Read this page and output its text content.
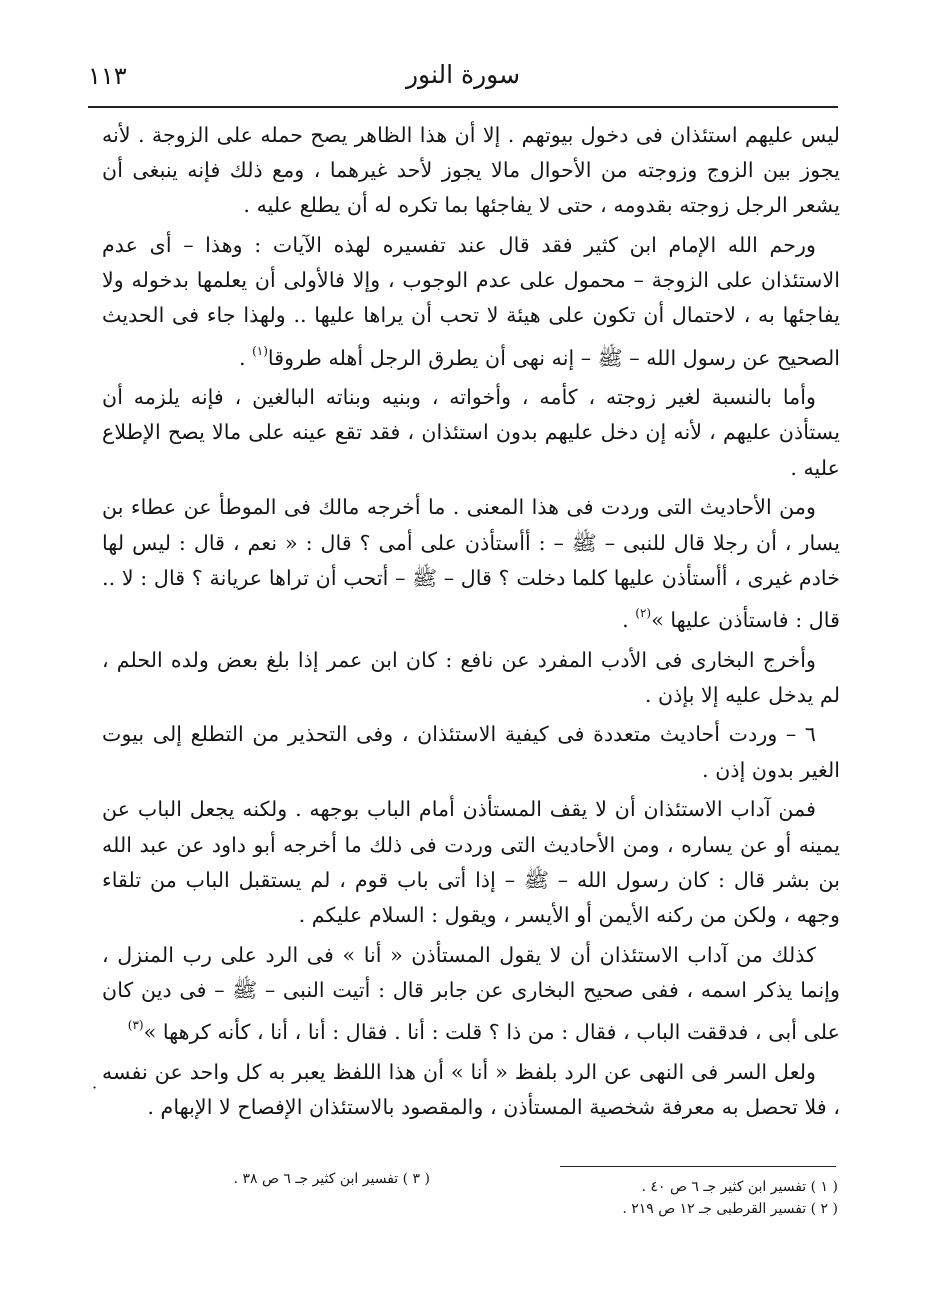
١١٣	سورة النور

ليس عليهم استئذان فى دخول بيوتهم . إلا أن هذا الظاهر يصح حمله على الزوجة . لأنه يجوز بين الزوج وزوجته من الأحوال مالا يجوز لأحد غيرهما ، ومع ذلك فإنه ينبغى أن يشعر الرجل زوجته بقدومه ، حتى لا يفاجئها بما تكره له أن يطلع عليه .

ورحم الله الإمام ابن كثير فقد قال عند تفسيره لهذه الآيات : وهذا – أى عدم الاستئذان على الزوجة – محمول على عدم الوجوب ، وإلا فالأولى أن يعلمها بدخوله ولا يفاجئها به ، لاحتمال أن تكون على هيئة لا تحب أن يراها عليها .. ولهذا جاء فى الحديث الصحيح عن رسول الله – ﷺ – إنه نهى أن يطرق الرجل أهله طروقا$^{(١)}$ .

وأما بالنسبة لغير زوجته ، كأمه ، وأخواته ، وبنيه وبناته البالغين ، فإنه يلزمه أن يستأذن عليهم ، لأنه إن دخل عليهم بدون استئذان ، فقد تقع عينه على مالا يصح الإطلاع عليه .

ومن الأحاديث التى وردت فى هذا المعنى . ما أخرجه مالك فى الموطأ عن عطاء بن يسار ، أن رجلا قال للنبى – ﷺ – : أأستأذن على أمى ؟ قال : « نعم ، قال : ليس لها خادم غيرى ، أأستأذن عليها كلما دخلت ؟ قال – ﷺ – أتحب أن تراها عريانة ؟ قال : لا .. قال : فاستأذن عليها »$^{(٢)}$ .

وأخرج البخارى فى الأدب المفرد عن نافع : كان ابن عمر إذا بلغ بعض ولده الحلم ، لم يدخل عليه إلا بإذن .

٦ – وردت أحاديث متعددة فى كيفية الاستئذان ، وفى التحذير من التطلع إلى بيوت الغير بدون إذن .

فمن آداب الاستئذان أن لا يقف المستأذن أمام الباب بوجهه . ولكنه يجعل الباب عن يمينه أو عن يساره ، ومن الأحاديث التى وردت فى ذلك ما أخرجه أبو داود عن عبد الله بن بشر قال : كان رسول الله – ﷺ – إذا أتى باب قوم ، لم يستقبل الباب من تلقاء وجهه ، ولكن من ركنه الأيمن أو الأيسر ، ويقول : السلام عليكم .

كذلك من آداب الاستئذان أن لا يقول المستأذن « أنا » فى الرد على رب المنزل ، وإنما يذكر اسمه ، ففى صحيح البخارى عن جابر قال : أتيت النبى – ﷺ – فى دين كان على أبى ، فدققت الباب ، فقال : من ذا ؟ قلت : أنا . فقال : أنا ، أنا ، كأنه كرهها »$^{(٣)}$

ولعل السر فى النهى عن الرد بلفظ « أنا » أن هذا اللفظ يعبر به كل واحد عن نفسه ، فلا تحصل به معرفة شخصية المستأذن ، والمقصود بالاستئذان الإفصاح لا الإبهام .

·
( ١ ) تفسير ابن كثير جـ ٦ ص ٤٠ .
( ٢ ) تفسير القرطبى جـ ١٢ ص ٢١٩ .
( ٣ ) تفسير ابن كثير جـ ٦ ص ٣٨ .
